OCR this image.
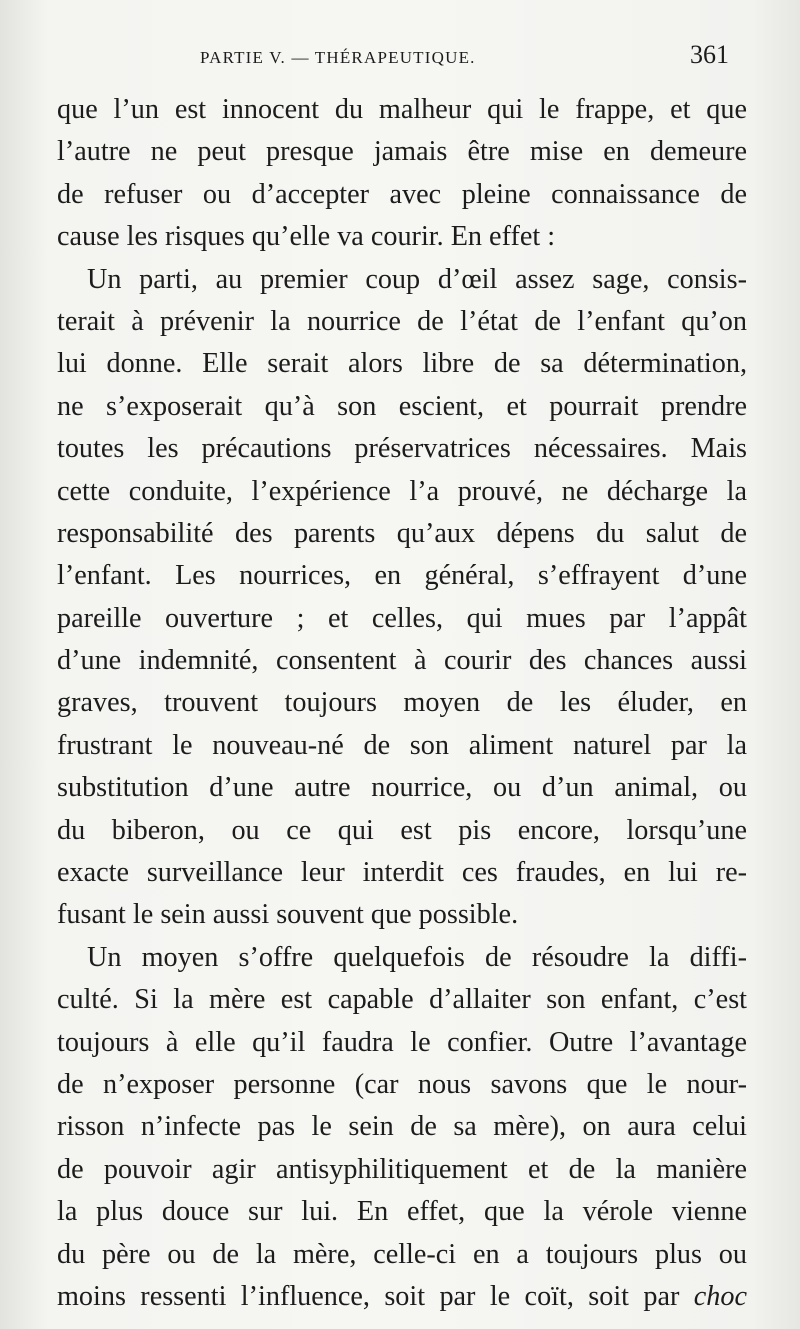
PARTIE V. — THÉRAPEUTIQUE.	361
que l’un est innocent du malheur qui le frappe, et que
l’autre ne peut presque jamais être mise en demeure
de refuser ou d’accepter avec pleine connaissance de
cause les risques qu’elle va courir. En effet :
Un parti, au premier coup d’œil assez sage, consis-
terait à prévenir la nourrice de l’état de l’enfant qu’on
lui donne. Elle serait alors libre de sa détermination,
ne s’exposerait qu’à son escient, et pourrait prendre
toutes les précautions préservatrices nécessaires. Mais
cette conduite, l’expérience l’a prouvé, ne décharge la
responsabilité des parents qu’aux dépens du salut de
l’enfant. Les nourrices, en général, s’effrayent d’une
pareille ouverture ; et celles, qui mues par l’appât
d’une indemnité, consentent à courir des chances aussi
graves, trouvent toujours moyen de les éluder, en
frustrant le nouveau-né de son aliment naturel par la
substitution d’une autre nourrice, ou d’un animal, ou
du biberon, ou ce qui est pis encore, lorsqu’une
exacte surveillance leur interdit ces fraudes, en lui re-
fusant le sein aussi souvent que possible.
Un moyen s’offre quelquefois de résoudre la diffi-
culté. Si la mère est capable d’allaiter son enfant, c’est
toujours à elle qu’il faudra le confier. Outre l’avantage
de n’exposer personne (car nous savons que le nour-
risson n’infecte pas le sein de sa mère), on aura celui
de pouvoir agir antisyphilitiquement et de la manière
la plus douce sur lui. En effet, que la vérole vienne
du père ou de la mère, celle-ci en a toujours plus ou
moins ressenti l’influence, soit par le coït, soit par choc
